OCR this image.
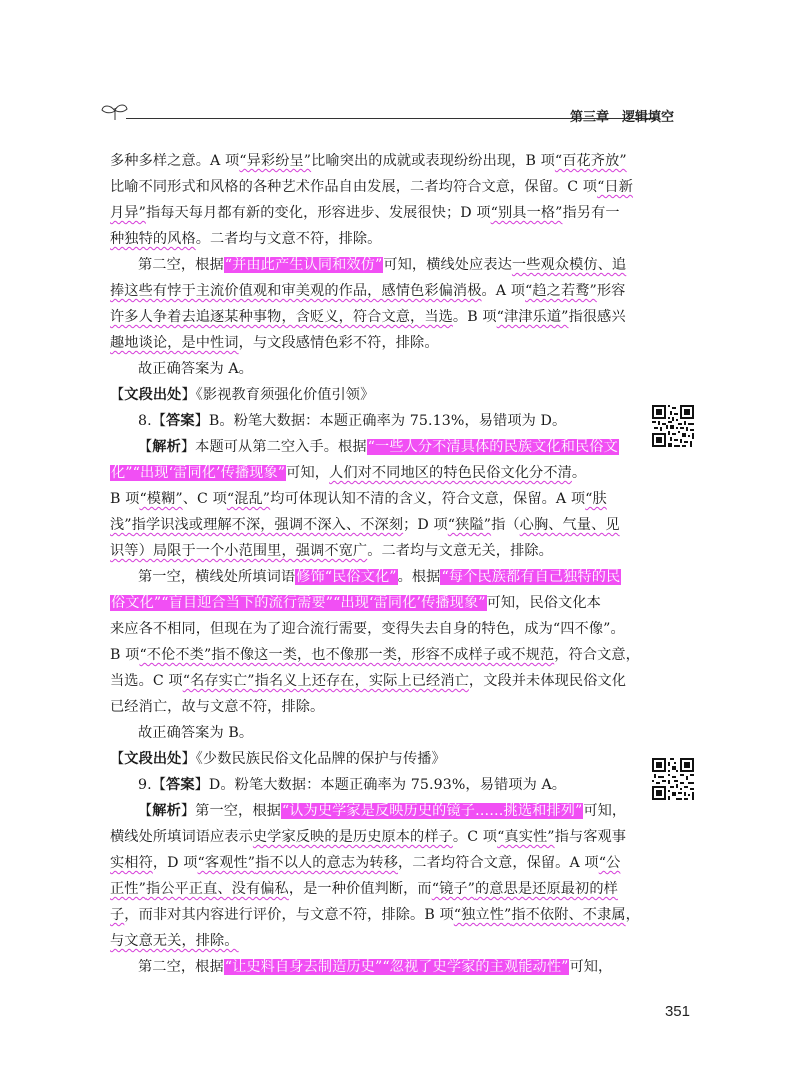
第三章　逻辑填空
多种多样之意。A 项“异彩纷呈”比喻突出的成就或表现纷纷出现，B 项“百花齐放”
比喻不同形式和风格的各种艺术作品自由发展，二者均符合文意，保留。C 项“日新
月异”指每天每月都有新的变化，形容进步、发展很快；D 项“别具一格”指另有一
种独特的风格。二者均与文意不符，排除。
第二空，根据“并由此产生认同和效仿”可知，横线处应表达一些观众模仿、追
捧这些有悖于主流价值观和审美观的作品，感情色彩偏消极。A 项“趋之若鹜”形容
许多人争着去追逐某种事物，含贬义，符合文意，当选。B 项“津津乐道”指很感兴
趣地谈论，是中性词，与文段感情色彩不符，排除。
故正确答案为 A。
【文段出处】《影视教育须强化价值引领》
8.【答案】B。粉笔大数据：本题正确率为 75.13%，易错项为 D。
【解析】本题可从第二空入手。根据“一些人分不清具体的民族文化和民俗文
化”“出现‘雷同化’传播现象”可知，人们对不同地区的特色民俗文化分不清。
B 项“模糊”、C 项“混乱”均可体现认知不清的含义，符合文意，保留。A 项“肤
浅”指学识浅或理解不深，强调不深入、不深刻；D 项“狭隘”指（心胸、气量、见
识等）局限于一个小范围里，强调不宽广。二者均与文意无关，排除。
第一空，横线处所填词语修饰“民俗文化”。根据“每个民族都有自己独特的民
俗文化”“盲目迎合当下的流行需要”“出现‘雷同化’传播现象”可知，民俗文化本
来应各不相同，但现在为了迎合流行需要，变得失去自身的特色，成为“四不像”。
B 项“不伦不类”指不像这一类，也不像那一类，形容不成样子或不规范，符合文意，
当选。C 项“名存实亡”指名义上还存在，实际上已经消亡，文段并未体现民俗文化
已经消亡，故与文意不符，排除。
故正确答案为 B。
【文段出处】《少数民族民俗文化品牌的保护与传播》
9.【答案】D。粉笔大数据：本题正确率为 75.93%，易错项为 A。
【解析】第一空，根据“认为史学家是反映历史的镜子……挑选和排列”可知，
横线处所填词语应表示史学家反映的是历史原本的样子。C 项“真实性”指与客观事
实相符，D 项“客观性”指不以人的意志为转移，二者均符合文意，保留。A 项“公
正性”指公平正直、没有偏私，是一种价值判断，而“镜子”的意思是还原最初的样
子，而非对其内容进行评价，与文意不符，排除。B 项“独立性”指不依附、不隶属，
与文意无关，排除。
第二空，根据“让史料自身去制造历史”“忽视了史学家的主观能动性”可知，
351
